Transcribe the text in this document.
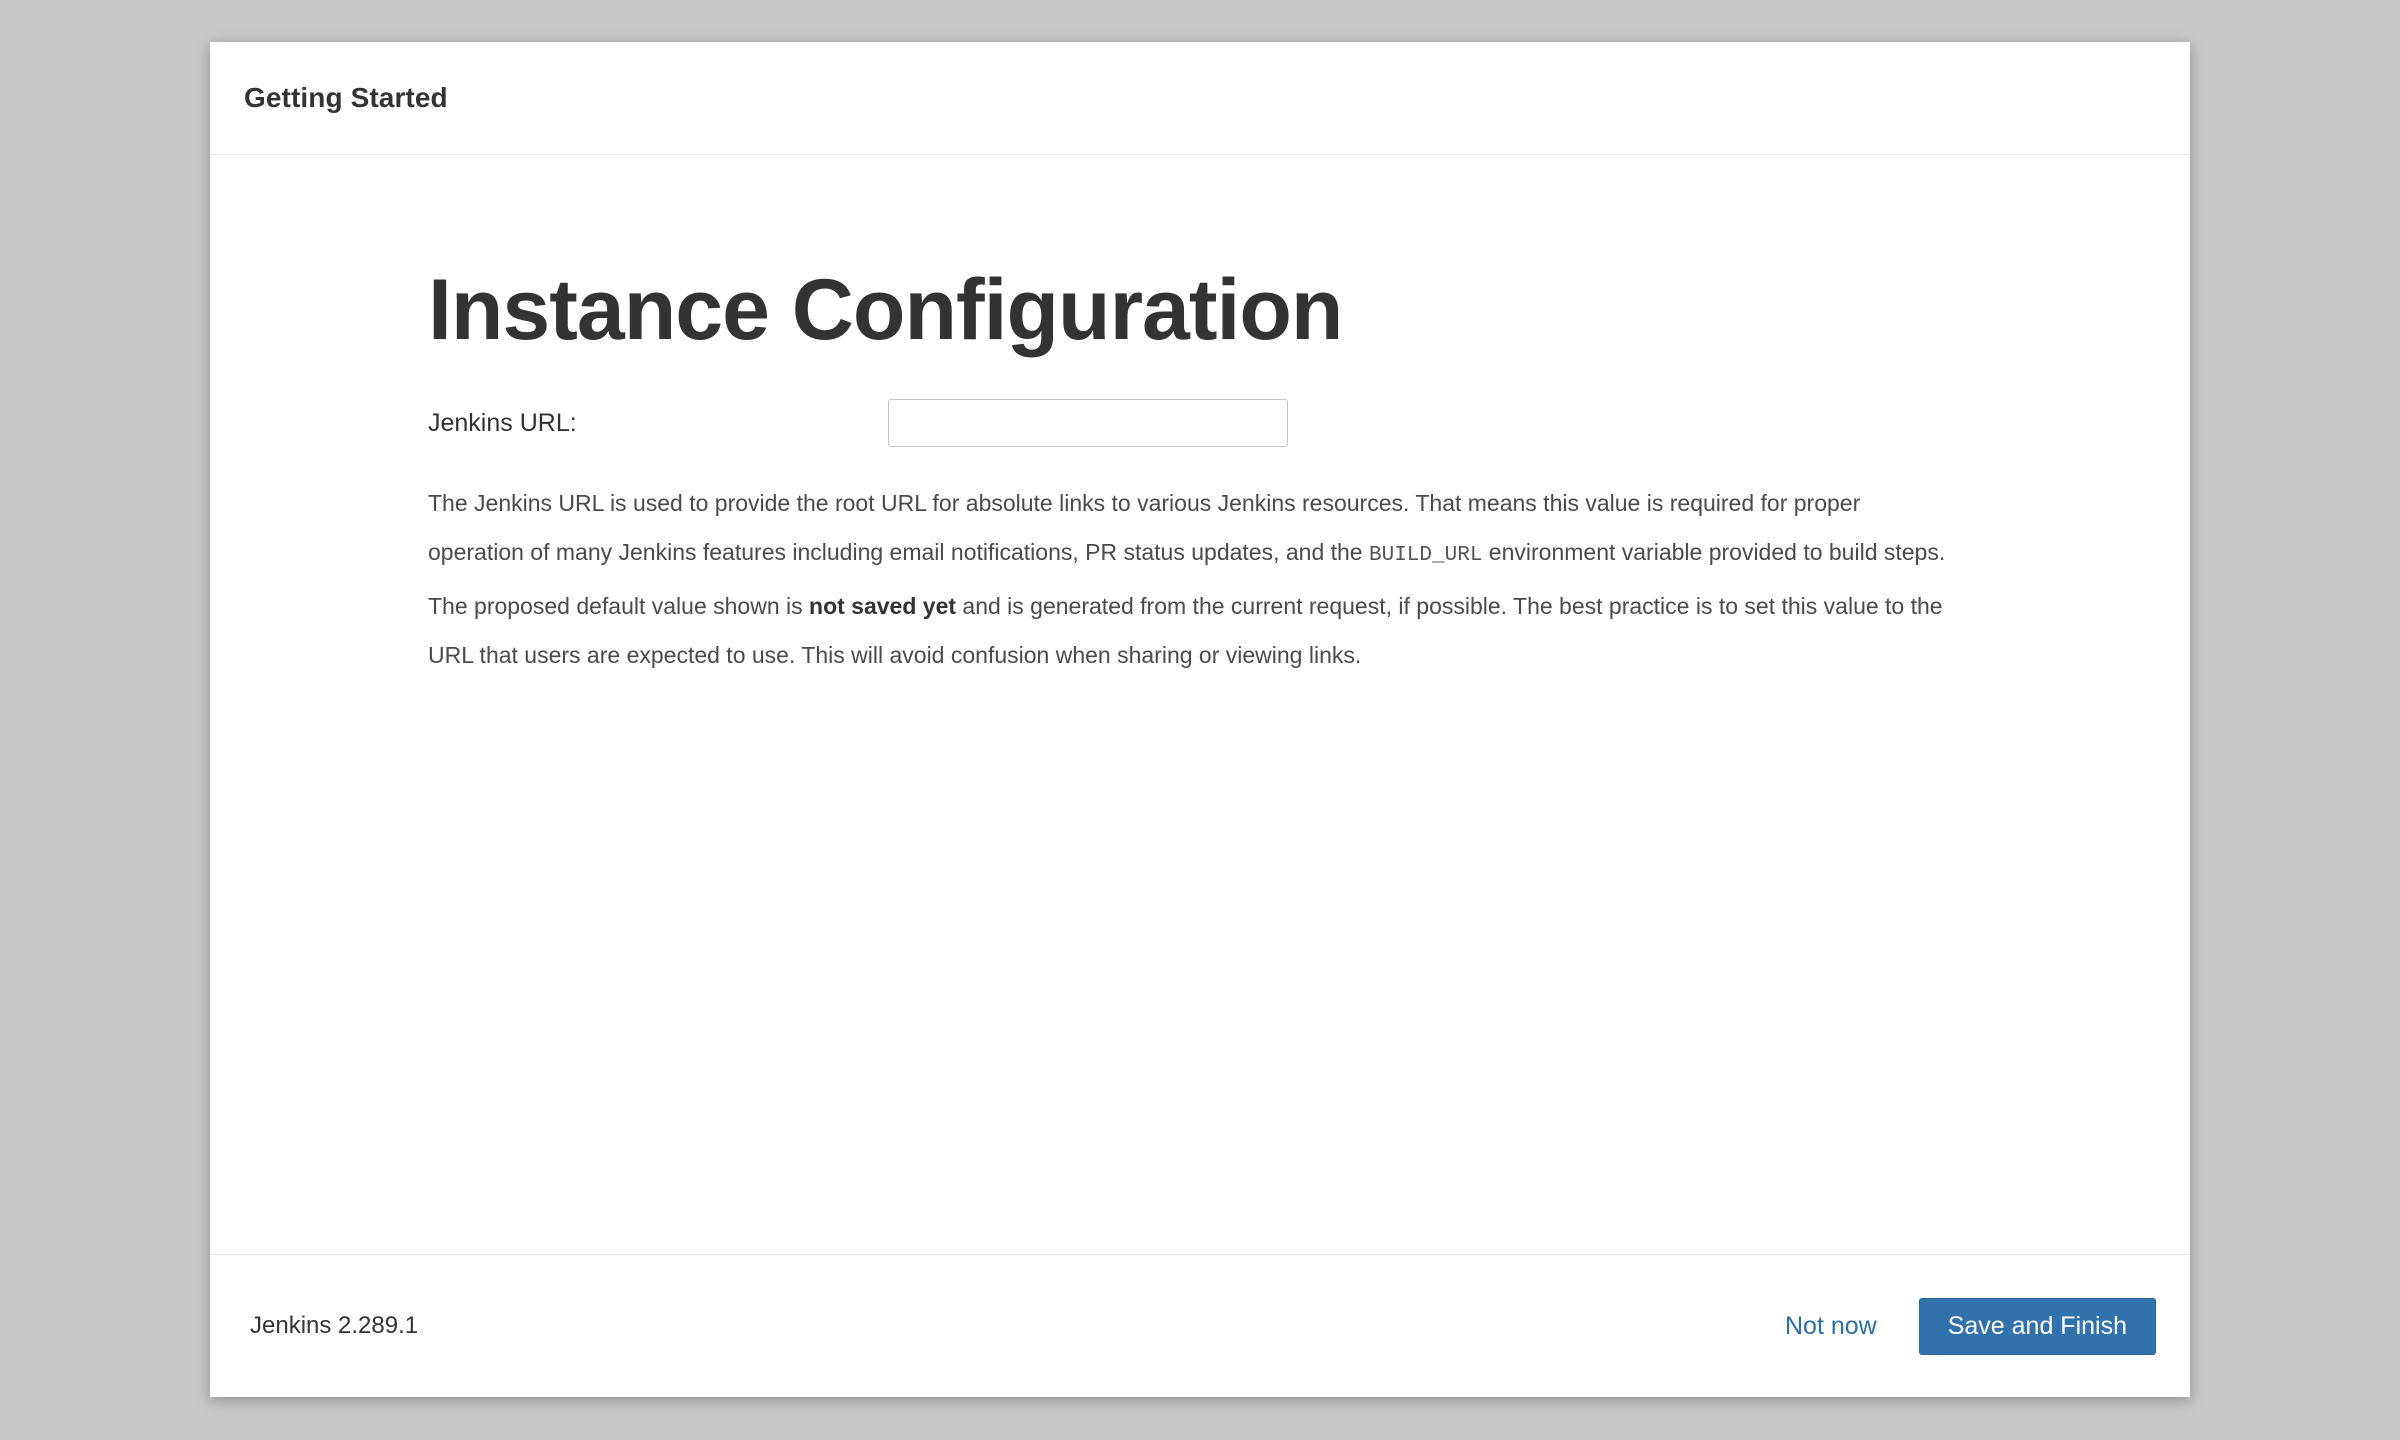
Getting Started
Instance Configuration
Jenkins URL:

The Jenkins URL is used to provide the root URL for absolute links to various Jenkins resources. That means this value is required for proper operation of many Jenkins features including email notifications, PR status updates, and the BUILD_URL environment variable provided to build steps.

The proposed default value shown is not saved yet and is generated from the current request, if possible. The best practice is to set this value to the URL that users are expected to use. This will avoid confusion when sharing or viewing links.

Jenkins 2.289.1	Not now	Save and Finish
